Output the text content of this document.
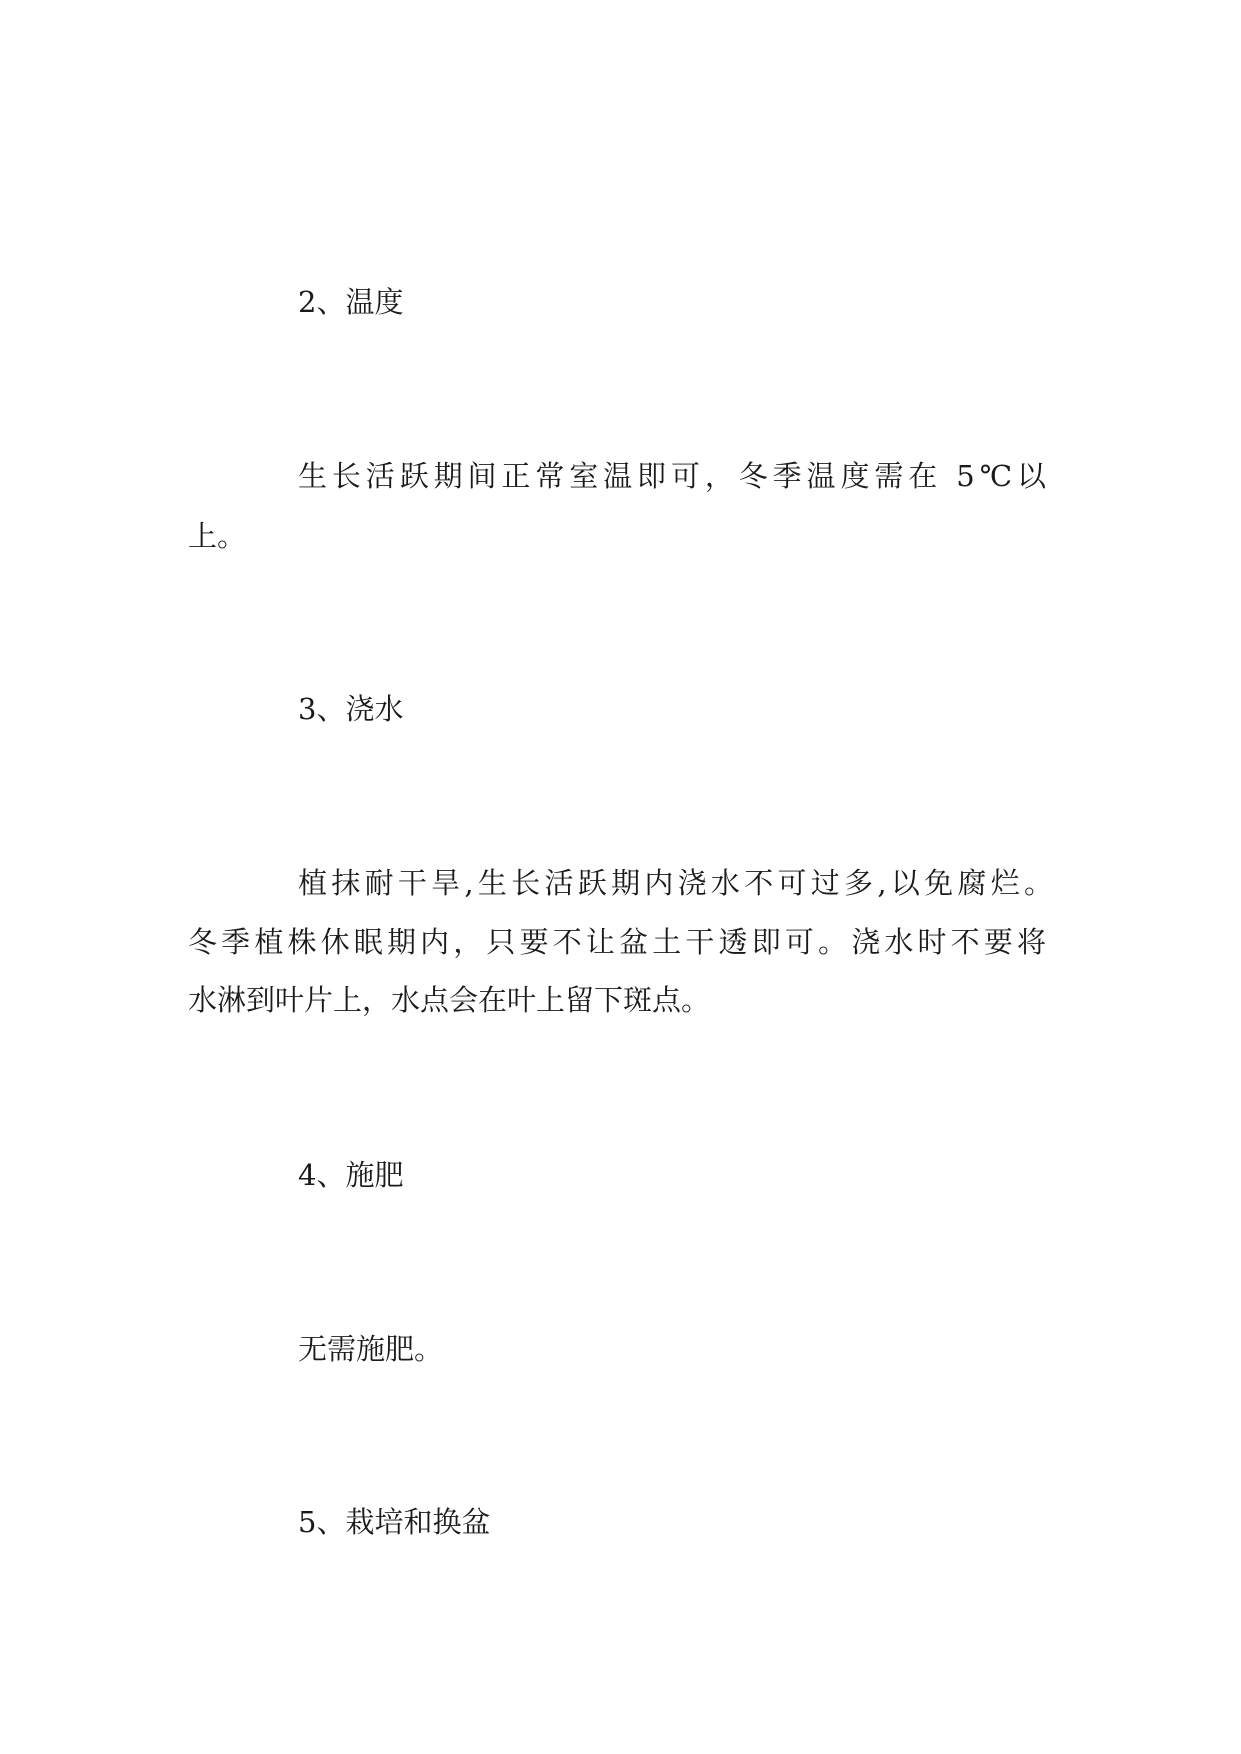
2、温度
生长活跃期间正常室温即可，冬季温度需在 5℃以
上。
3、浇水
植抹耐干旱,生长活跃期内浇水不可过多,以免腐烂。
冬季植株休眠期内，只要不让盆土干透即可。浇水时不要将
水淋到叶片上，水点会在叶上留下斑点。
4、施肥
无需施肥。
5、栽培和换盆
